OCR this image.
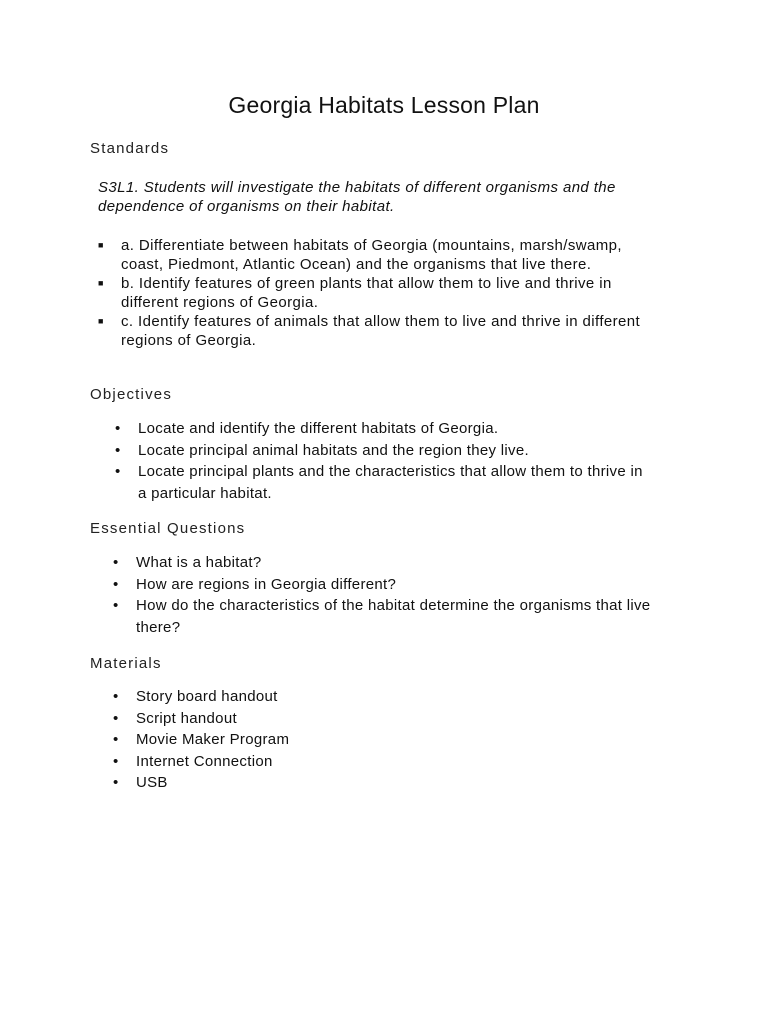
Georgia Habitats Lesson Plan
Standards
S3L1. Students will investigate the habitats of different organisms and the dependence of organisms on their habitat.
■ a. Differentiate between habitats of Georgia (mountains, marsh/swamp, coast, Piedmont, Atlantic Ocean) and the organisms that live there.
■ b. Identify features of green plants that allow them to live and thrive in different regions of Georgia.
■ c. Identify features of animals that allow them to live and thrive in different regions of Georgia.
Objectives
• Locate and identify the different habitats of Georgia.
• Locate principal animal habitats and the region they live.
• Locate principal plants and the characteristics that allow them to thrive in a particular habitat.
Essential Questions
• What is a habitat?
• How are regions in Georgia different?
• How do the characteristics of the habitat determine the organisms that live there?
Materials
• Story board handout
• Script handout
• Movie Maker Program
• Internet Connection
• USB
